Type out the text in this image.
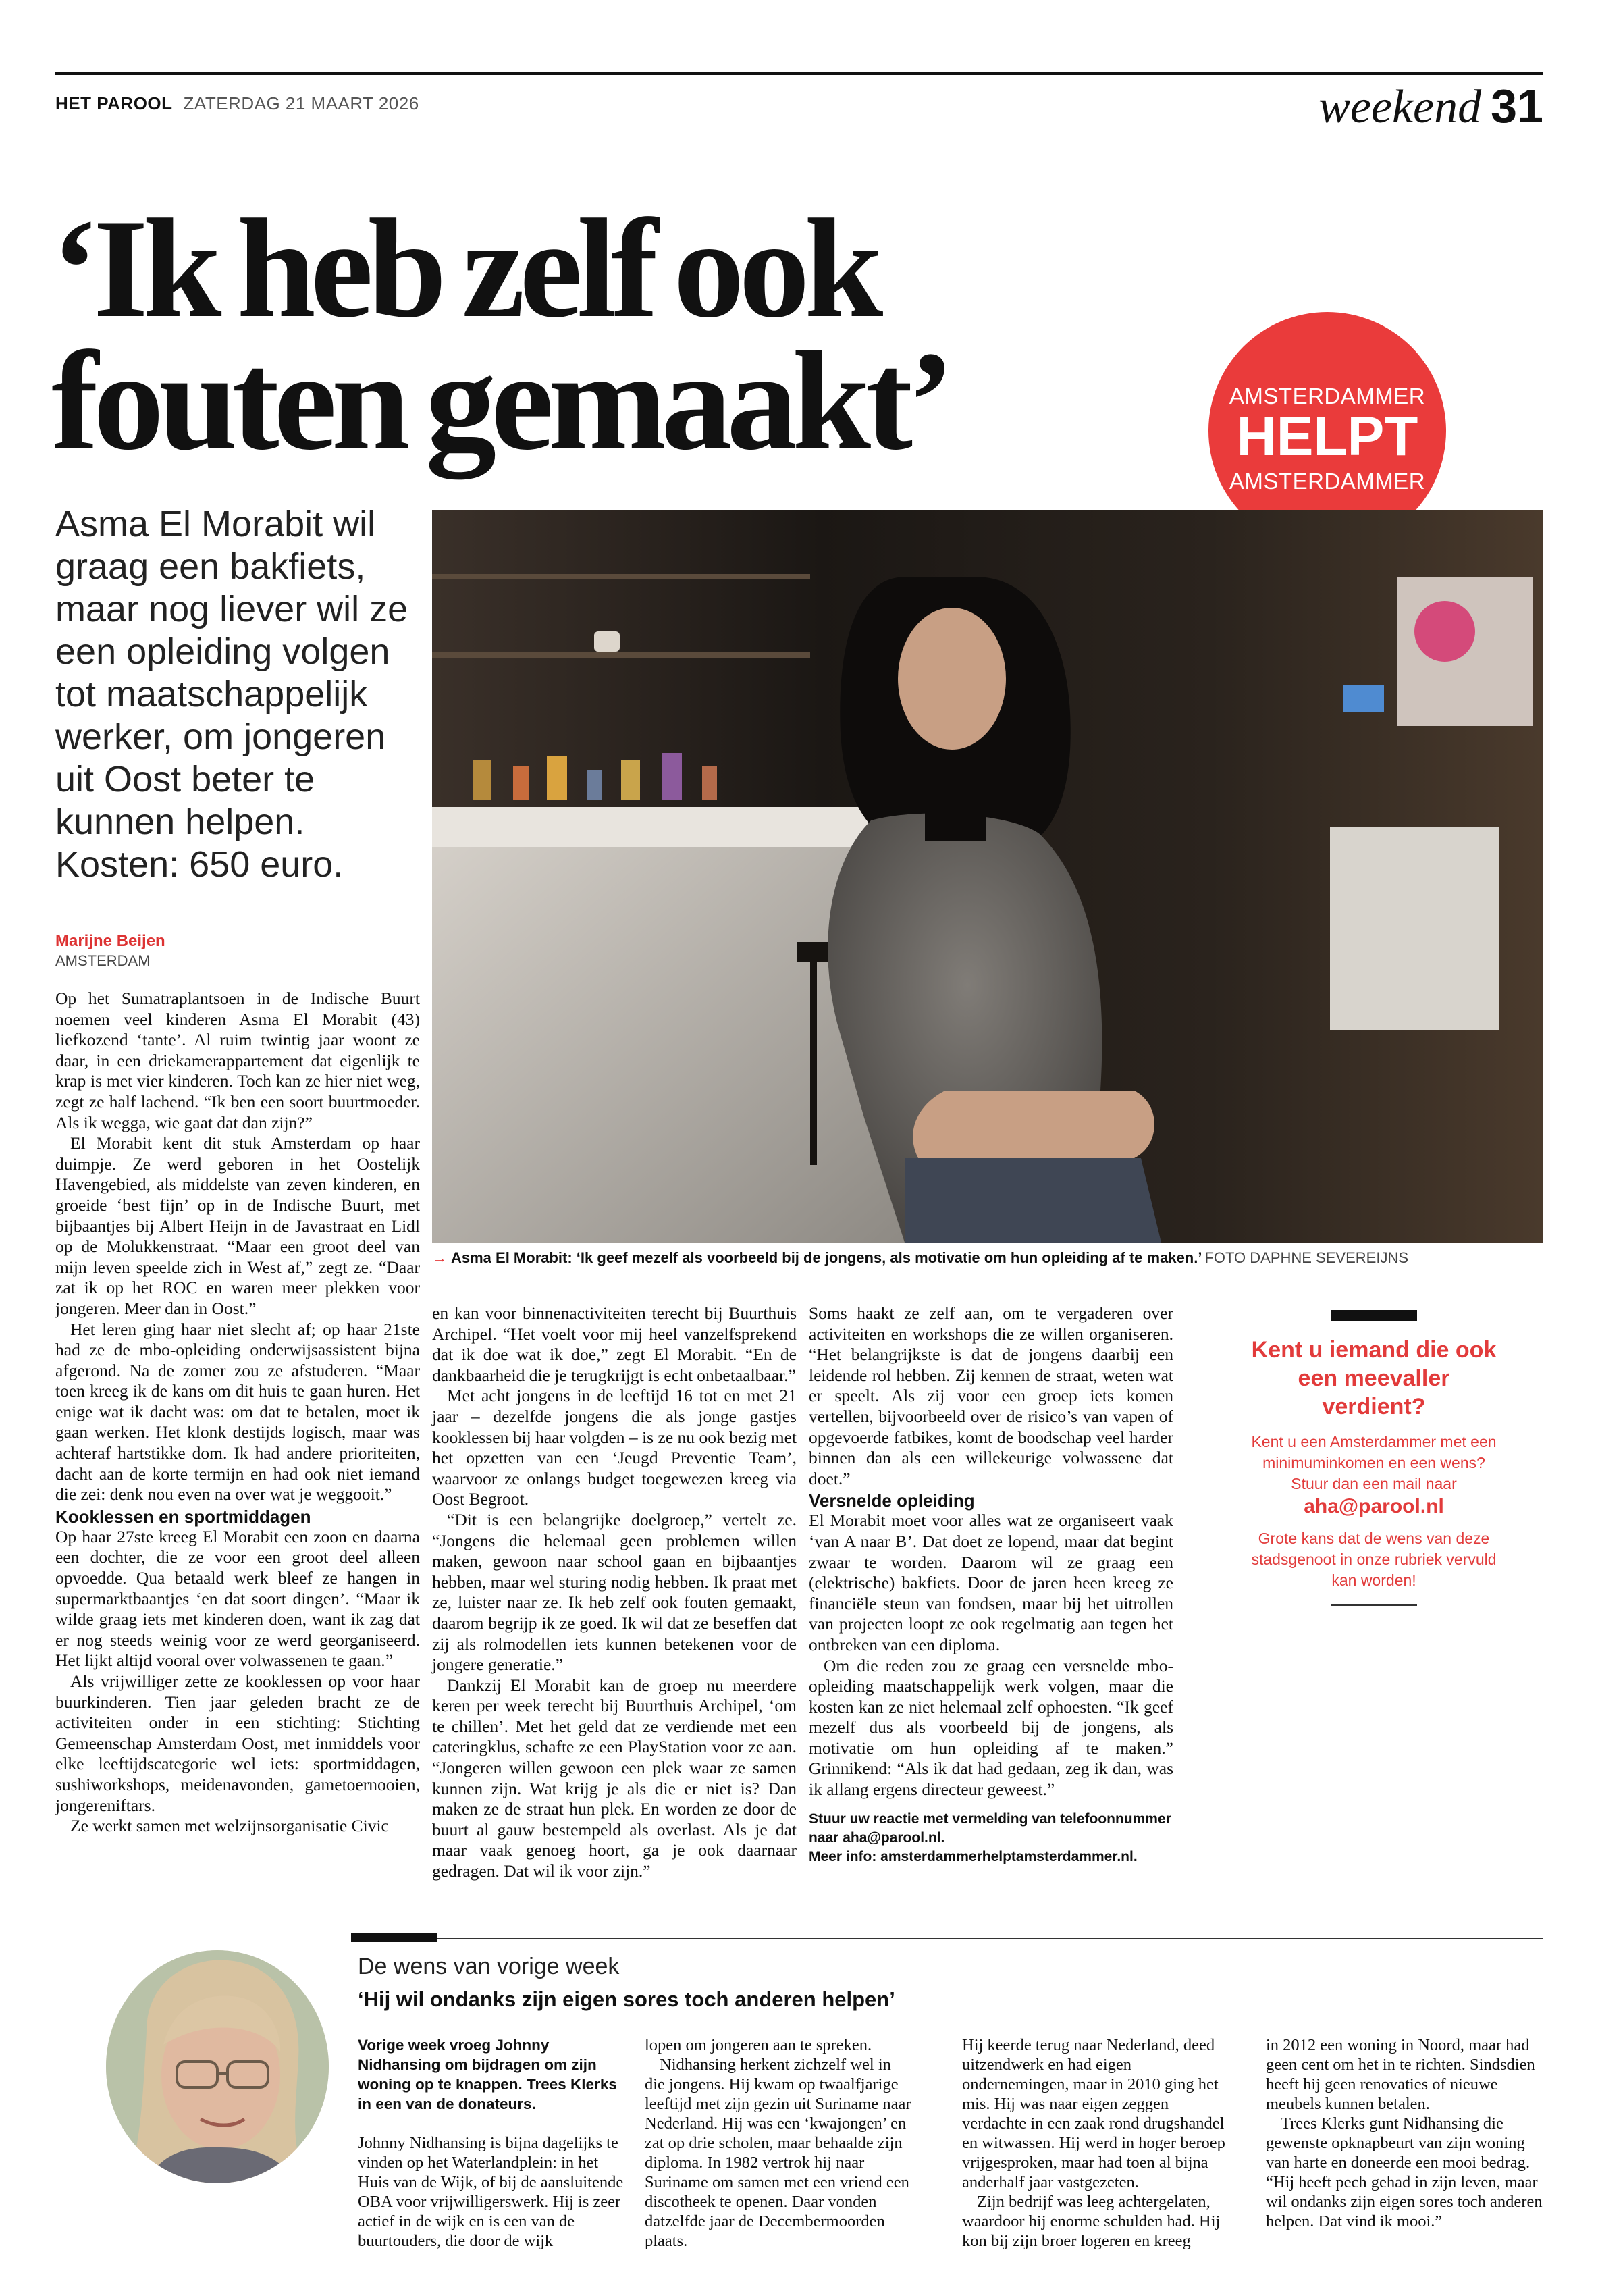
HET PAROOL ZATERDAG 21 MAART 2026	weekend 31
‘Ik heb zelf ook
fouten gemaakt’	AMSTERDAMMER
HELPT
AMSTERDAMMER
Asma El Morabit wil graag een bakfiets, maar nog liever wil ze een opleiding volgen tot maatschappelijk werker, om jongeren uit Oost beter te kunnen helpen. Kosten: 650 euro.
→ Asma El Morabit: ‘Ik geef mezelf als voorbeeld bij de jongens, als motivatie om hun opleiding af te maken.’ FOTO DAPHNE SEVEREIJNS
Marijne Beijen
AMSTERDAM

Op het Sumatraplantsoen in de Indische Buurt noemen veel kinderen Asma El Morabit (43) liefkozend ‘tante’. Al ruim twintig jaar woont ze daar, in een driekamerappartement dat eigenlijk te krap is met vier kinderen. Toch kan ze hier niet weg, zegt ze half lachend. “Ik ben een soort buurtmoeder. Als ik wegga, wie gaat dat dan zijn?”

El Morabit kent dit stuk Amsterdam op haar duimpje. Ze werd geboren in het Oostelijk Havengebied, als middelste van zeven kinderen, en groeide ‘best fijn’ op in de Indische Buurt, met bijbaantjes bij Albert Heijn in de Javastraat en Lidl op de Molukkenstraat. “Maar een groot deel van mijn leven speelde zich in West af,” zegt ze. “Daar zat ik op het ROC en waren meer plekken voor jongeren. Meer dan in Oost.”

Het leren ging haar niet slecht af; op haar 21ste had ze de mbo-opleiding onderwijsassistent bijna afgerond. Na de zomer zou ze afstuderen. “Maar toen kreeg ik de kans om dit huis te gaan huren. Het enige wat ik dacht was: om dat te betalen, moet ik gaan werken. Het klonk destijds logisch, maar was achteraf hartstikke dom. Ik had andere prioriteiten, dacht aan de korte termijn en had ook niet iemand die zei: denk nou even na over wat je weggooit.”

Kooklessen en sportmiddagen

Op haar 27ste kreeg El Morabit een zoon en daarna een dochter, die ze voor een groot deel alleen opvoedde. Qua betaald werk bleef ze hangen in supermarktbaantjes ‘en dat soort dingen’. “Maar ik wilde graag iets met kinderen doen, want ik zag dat er nog steeds weinig voor ze werd georganiseerd. Het lijkt altijd vooral over volwassenen te gaan.”

Als vrijwilliger zette ze kooklessen op voor haar buurkinderen. Tien jaar geleden bracht ze de activiteiten onder in een stichting: Stichting Gemeenschap Amsterdam Oost, met inmiddels voor elke leeftijdscategorie wel iets: sportmiddagen, sushiworkshops, meidenavonden, gametoernooien, jongereniftars.

Ze werkt samen met welzijnsorganisatie Civic

en kan voor binnenactiviteiten terecht bij Buurthuis Archipel. “Het voelt voor mij heel vanzelfsprekend dat ik doe wat ik doe,” zegt El Morabit. “En de dankbaarheid die je terugkrijgt is echt onbetaalbaar.”

Met acht jongens in de leeftijd 16 tot en met 21 jaar – dezelfde jongens die als jonge gastjes kooklessen bij haar volgden – is ze nu ook bezig met het opzetten van een ‘Jeugd Preventie Team’, waarvoor ze onlangs budget toegewezen kreeg via Oost Begroot.

“Dit is een belangrijke doelgroep,” vertelt ze. “Jongens die helemaal geen problemen willen maken, gewoon naar school gaan en bijbaantjes hebben, maar wel sturing nodig hebben. Ik praat met ze, luister naar ze. Ik heb zelf ook fouten gemaakt, daarom begrijp ik ze goed. Ik wil dat ze beseffen dat zij als rolmodellen iets kunnen betekenen voor de jongere generatie.”

Dankzij El Morabit kan de groep nu meerdere keren per week terecht bij Buurthuis Archipel, ‘om te chillen’. Met het geld dat ze verdiende met een cateringklus, schafte ze een PlayStation voor ze aan. “Jongeren willen gewoon een plek waar ze samen kunnen zijn. Wat krijg je als die er niet is? Dan maken ze de straat hun plek. En worden ze door de buurt al gauw bestempeld als overlast. Als je dat maar vaak genoeg hoort, ga je ook daarnaar gedragen. Dat wil ik voor zijn.”

Soms haakt ze zelf aan, om te vergaderen over activiteiten en workshops die ze willen organiseren. “Het belangrijkste is dat de jongens daarbij een leidende rol hebben. Zij kennen de straat, weten wat er speelt. Als zij voor een groep iets komen vertellen, bijvoorbeeld over de risico’s van vapen of opgevoerde fatbikes, komt de boodschap veel harder binnen dan als een willekeurige volwassene dat doet.”

Versnelde opleiding

El Morabit moet voor alles wat ze organiseert vaak ‘van A naar B’. Dat doet ze lopend, maar dat begint zwaar te worden. Daarom wil ze graag een (elektrische) bakfiets. Door de jaren heen kreeg ze financiële steun van fondsen, maar bij het uitrollen van projecten loopt ze ook regelmatig aan tegen het ontbreken van een diploma.

Om die reden zou ze graag een versnelde mbo-opleiding maatschappelijk werk volgen, maar die kosten kan ze niet helemaal zelf ophoesten. “Ik geef mezelf dus als voorbeeld bij de jongens, als motivatie om hun opleiding af te maken.” Grinnikend: “Als ik dat had gedaan, zeg ik dan, was ik allang ergens directeur geweest.”

Stuur uw reactie met vermelding van telefoonnummer naar aha@parool.nl.
Meer info: amsterdammerhelptamsterdammer.nl.
Kent u iemand die ook een meevaller verdient?
Kent u een Amsterdammer met een minimuminkomen en een wens? Stuur dan een mail naar
aha@parool.nl
Grote kans dat de wens van deze stadsgenoot in onze rubriek vervuld kan worden!
De wens van vorige week
‘Hij wil ondanks zijn eigen sores toch anderen helpen’

Vorige week vroeg Johnny Nidhansing om bijdragen om zijn woning op te knappen. Trees Klerks in een van de donateurs.

Johnny Nidhansing is bijna dagelijks te vinden op het Waterlandplein: in het Huis van de Wijk, of bij de aansluitende OBA voor vrijwilligerswerk. Hij is zeer actief in de wijk en is een van de buurtouders, die door de wijk

lopen om jongeren aan te spreken.

Nidhansing herkent zichzelf wel in die jongens. Hij kwam op twaalfjarige leeftijd met zijn gezin uit Suriname naar Nederland. Hij was een ‘kwajongen’ en zat op drie scholen, maar behaalde zijn diploma. In 1982 vertrok hij naar Suriname om samen met een vriend een discotheek te openen. Daar vonden datzelfde jaar de Decembermoorden plaats.

Hij keerde terug naar Nederland, deed uitzendwerk en had eigen ondernemingen, maar in 2010 ging het mis. Hij was naar eigen zeggen verdachte in een zaak rond drugshandel en witwassen. Hij werd in hoger beroep vrijgesproken, maar had toen al bijna anderhalf jaar vastgezeten.

Zijn bedrijf was leeg achtergelaten, waardoor hij enorme schulden had. Hij kon bij zijn broer logeren en kreeg

in 2012 een woning in Noord, maar had geen cent om het in te richten. Sindsdien heeft hij geen renovaties of nieuwe meubels kunnen betalen.

Trees Klerks gunt Nidhansing die gewenste opknapbeurt van zijn woning van harte en doneerde een mooi bedrag. “Hij heeft pech gehad in zijn leven, maar wil ondanks zijn eigen sores toch anderen helpen. Dat vind ik mooi.”
